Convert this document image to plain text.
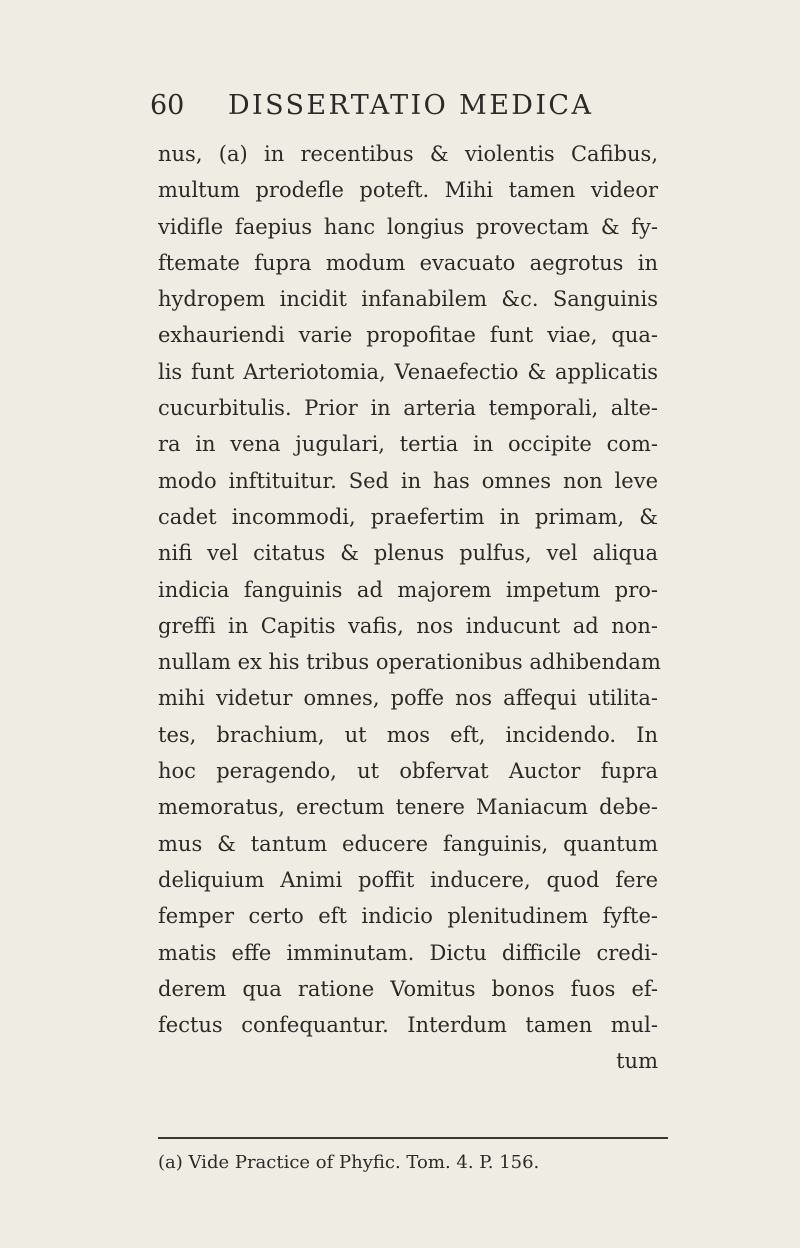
60 DISSERTATIO MEDICA
nus, (a) in recentibus & violentis Cafibus,
multum prodefle poteft. Mihi tamen videor
vidifle faepius hanc longius provectam & fy-
ftemate fupra modum evacuato aegrotus in
hydropem incidit infanabilem &c. Sanguinis
exhauriendi varie propofitae funt viae, qua-
lis funt Arteriotomia, Venaefectio & applicatis
cucurbitulis. Prior in arteria temporali, alte-
ra in vena jugulari, tertia in occipite com-
modo inftituitur. Sed in has omnes non leve
cadet incommodi, praefertim in primam, &
nifi vel citatus & plenus pulfus, vel aliqua
indicia fanguinis ad majorem impetum pro-
greffi in Capitis vafis, nos inducunt ad non-
nullam ex his tribus operationibus adhibendam
mihi videtur omnes, poffe nos affequi utilita-
tes, brachium, ut mos eft, incidendo. In
hoc peragendo, ut obfervat Auctor fupra
memoratus, erectum tenere Maniacum debe-
mus & tantum educere fanguinis, quantum
deliquium Animi poffit inducere, quod fere
femper certo eft indicio plenitudinem fyfte-
matis effe imminutam. Dictu difficile credi-
derem qua ratione Vomitus bonos fuos ef-
fectus confequantur. Interdum tamen mul-
tum
(a) Vide Practice of Phyfic. Tom. 4. P. 156.
